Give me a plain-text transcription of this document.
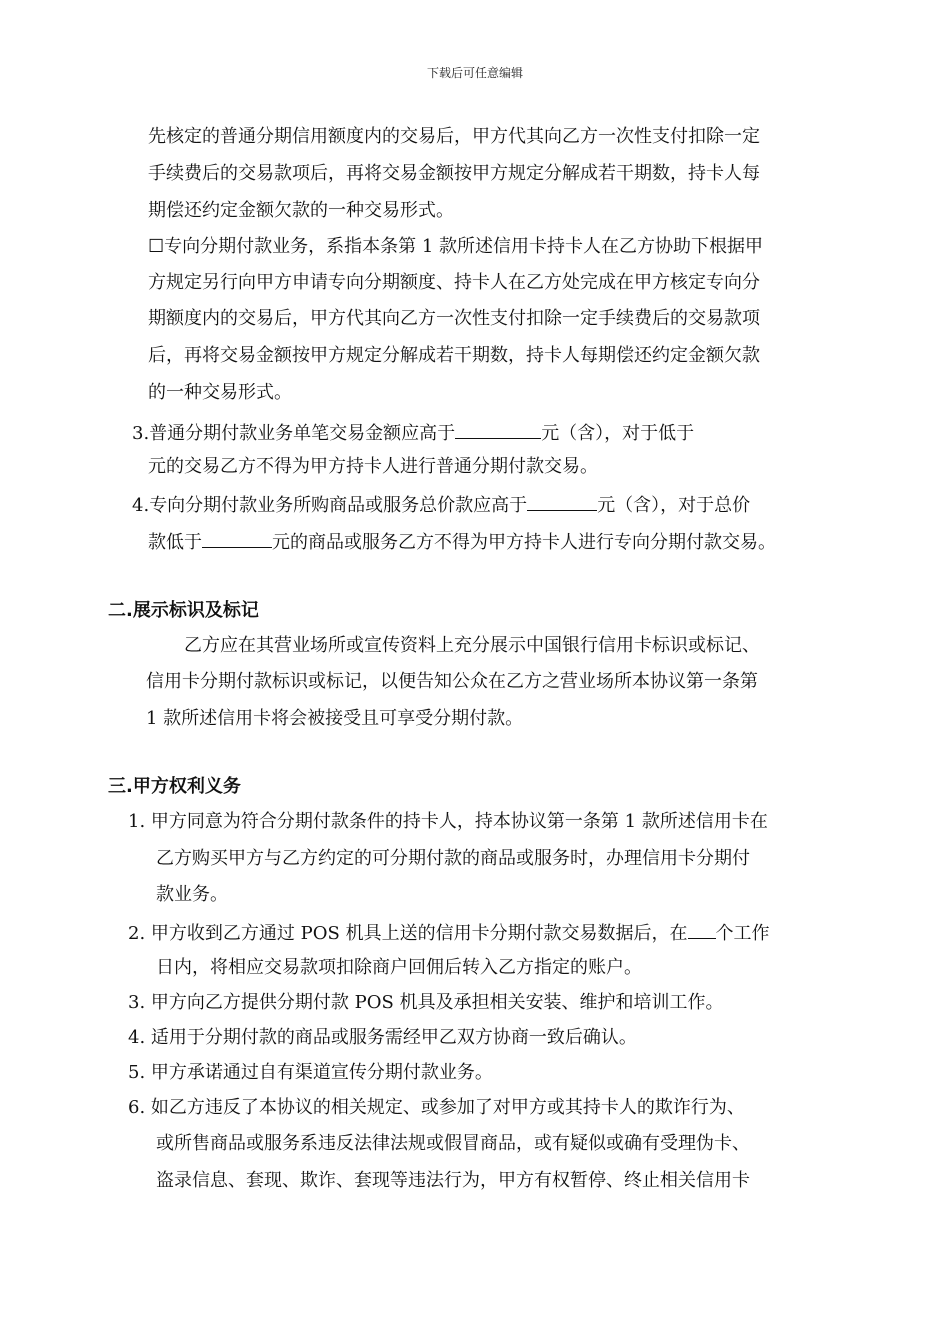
下载后可任意编辑
先核定的普通分期信用额度内的交易后，甲方代其向乙方一次性支付扣除一定
手续费后的交易款项后，再将交易金额按甲方规定分解成若干期数，持卡人每
期偿还约定金额欠款的一种交易形式。
☐专向分期付款业务，系指本条第 1 款所述信用卡持卡人在乙方协助下根据甲
方规定另行向甲方申请专向分期额度、持卡人在乙方处完成在甲方核定专向分
期额度内的交易后，甲方代其向乙方一次性支付扣除一定手续费后的交易款项
后，再将交易金额按甲方规定分解成若干期数，持卡人每期偿还约定金额欠款
的一种交易形式。
3.普通分期付款业务单笔交易金额应高于	元（含），对于低于
元的交易乙方不得为甲方持卡人进行普通分期付款交易。
4.专向分期付款业务所购商品或服务总价款应高于	元（含），对于总价
款低于	元的商品或服务乙方不得为甲方持卡人进行专向分期付款交易。
二.展示标识及标记
乙方应在其营业场所或宣传资料上充分展示中国银行信用卡标识或标记、
信用卡分期付款标识或标记，以便告知公众在乙方之营业场所本协议第一条第
1 款所述信用卡将会被接受且可享受分期付款。
三.甲方权利义务
1. 甲方同意为符合分期付款条件的持卡人，持本协议第一条第 1 款所述信用卡在
乙方购买甲方与乙方约定的可分期付款的商品或服务时，办理信用卡分期付
款业务。
2. 甲方收到乙方通过 POS 机具上送的信用卡分期付款交易数据后，在 个工作
日内，将相应交易款项扣除商户回佣后转入乙方指定的账户。
3. 甲方向乙方提供分期付款 POS 机具及承担相关安装、维护和培训工作。
4. 适用于分期付款的商品或服务需经甲乙双方协商一致后确认。
5. 甲方承诺通过自有渠道宣传分期付款业务。
6. 如乙方违反了本协议的相关规定、或参加了对甲方或其持卡人的欺诈行为、
或所售商品或服务系违反法律法规或假冒商品，或有疑似或确有受理伪卡、
盗录信息、套现、欺诈、套现等违法行为，甲方有权暂停、终止相关信用卡
